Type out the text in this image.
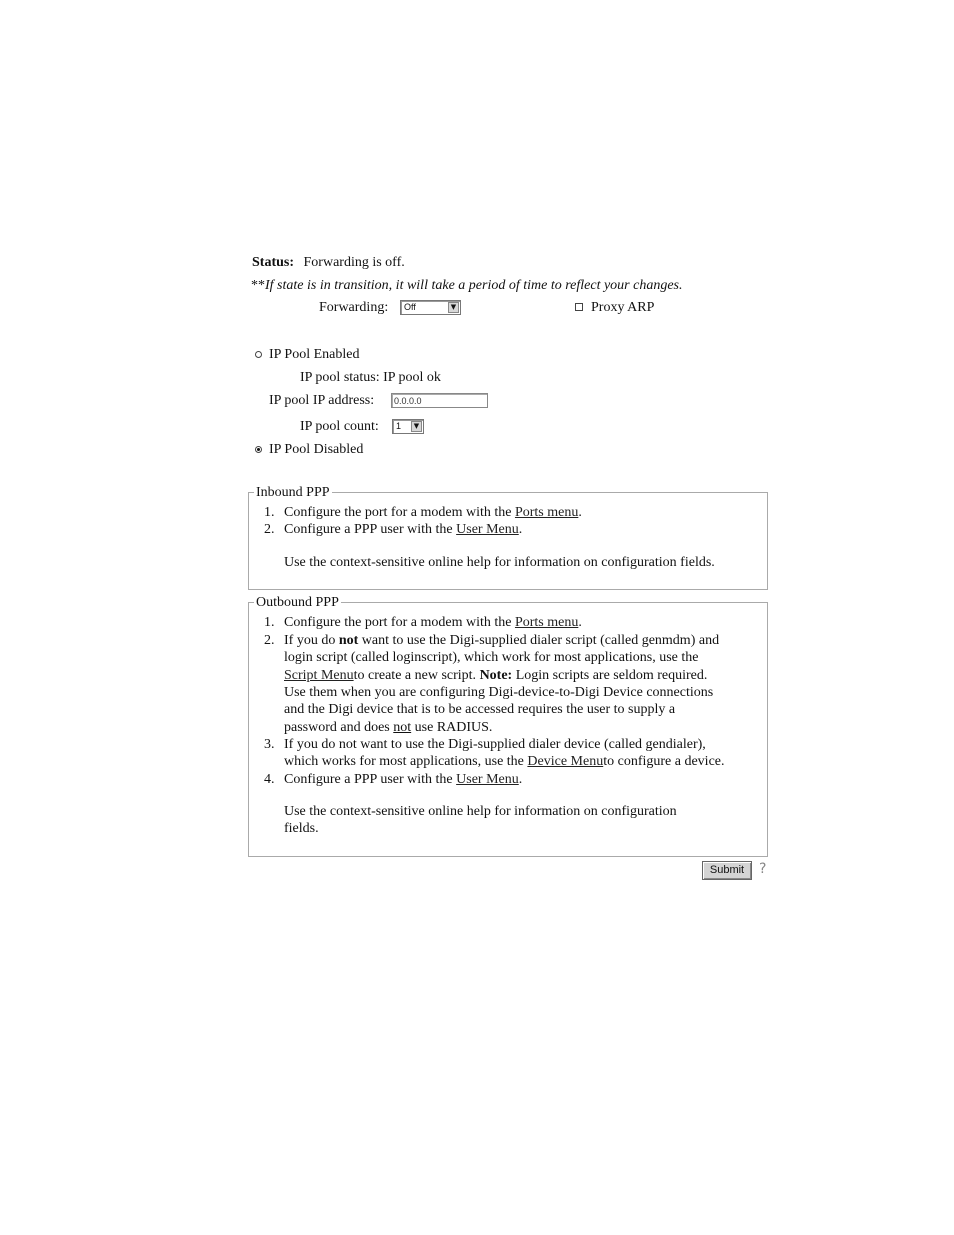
Status: Forwarding is off.
**If state is in transition, it will take a period of time to reflect your changes.
Forwarding:	Off	▼	Proxy ARP
IP Pool Enabled
IP pool status: IP pool ok
IP pool IP address:
0.0.0.0
IP pool count:	1	▼
IP Pool Disabled
Inbound PPP
1. Configure the port for a modem with the Ports menu.
2. Configure a PPP user with the User Menu.
Use the context-sensitive online help for information on configuration fields.
Outbound PPP
1. Configure the port for a modem with the Ports menu.
2. If you do not want to use the Digi-supplied dialer script (called genmdm) and
login script (called loginscript), which work for most applications, use the
Script Menuto create a new script. Note: Login scripts are seldom required.
Use them when you are configuring Digi-device-to-Digi Device connections
and the Digi device that is to be accessed requires the user to supply a
password and does not use RADIUS.
3. If you do not want to use the Digi-supplied dialer device (called gendialer),
which works for most applications, use the Device Menuto configure a device.
4. Configure a PPP user with the User Menu.
Use the context-sensitive online help for information on configuration
fields.
Submit	?
